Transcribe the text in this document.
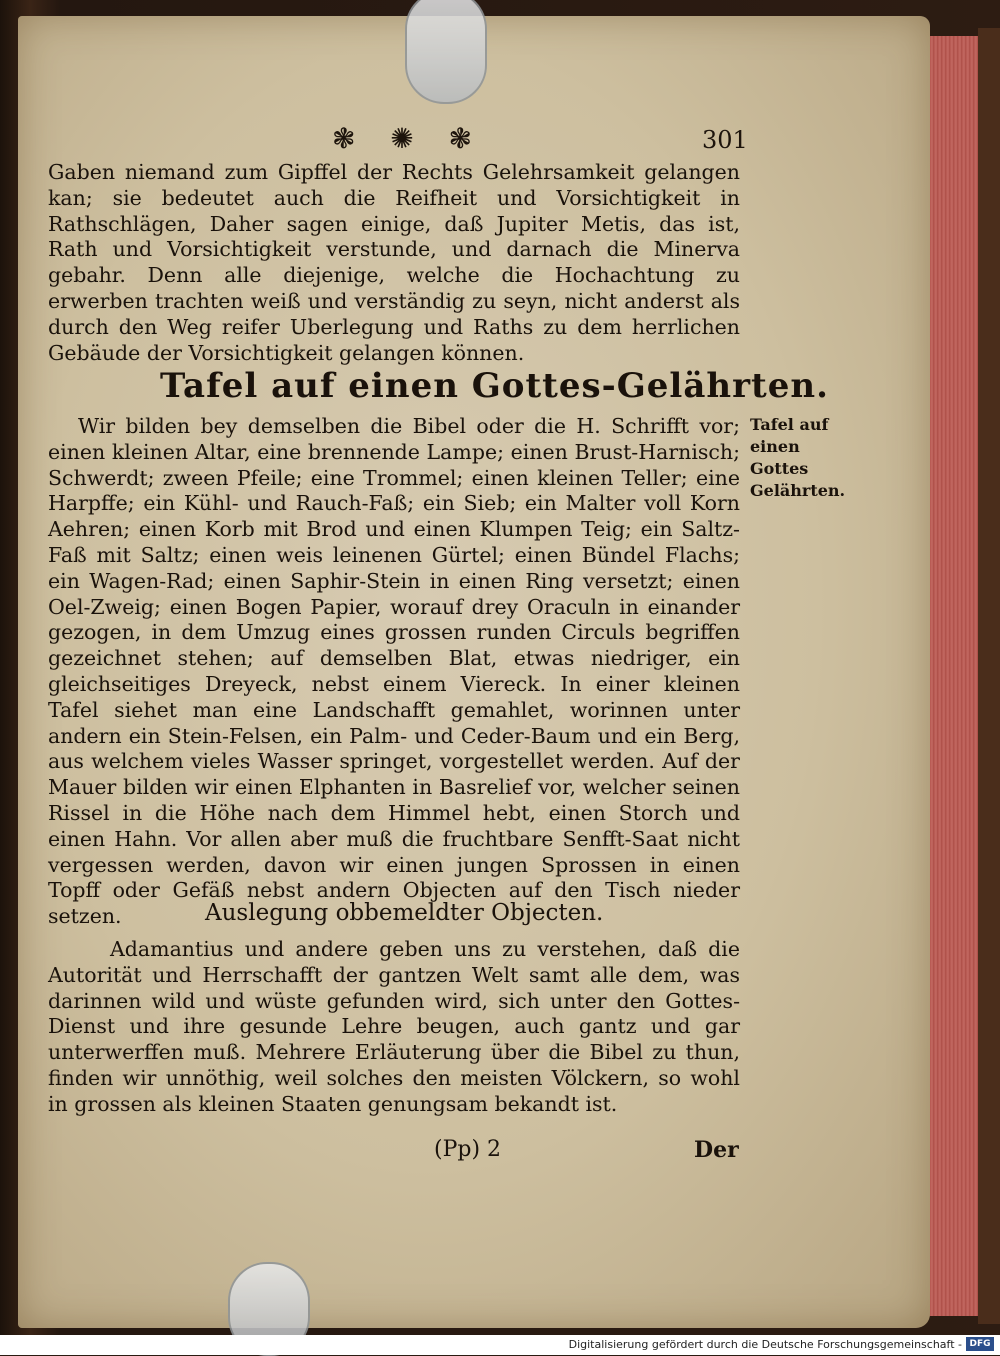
❃ ✺ ❃	301
Gaben niemand zum Gipffel der Rechts Gelehrsamkeit gelangen kan; sie bedeutet auch die Reifheit und Vorsichtigkeit in Rathschlägen, Daher sagen einige, daß Jupiter Metis, das ist, Rath und Vorsichtigkeit verstunde, und darnach die Minerva gebahr. Denn alle diejenige, welche die Hochachtung zu erwerben trachten weiß und verständig zu seyn, nicht anderst als durch den Weg reifer Uberlegung und Raths zu dem herrlichen Gebäude der Vorsichtigkeit gelangen können.
Tafel auf einen Gottes-Gelährten.
Wir bilden bey demselben die Bibel oder die H. Schrifft vor; einen kleinen Altar, eine brennende Lampe; einen Brust-Harnisch; Schwerdt; zween Pfeile; eine Trommel; einen kleinen Teller; eine Harpffe; ein Kühl- und Rauch-Faß; ein Sieb; ein Malter voll Korn Aehren; einen Korb mit Brod und einen Klumpen Teig; ein Saltz-Faß mit Saltz; einen weis leinenen Gürtel; einen Bündel Flachs; ein Wagen-Rad; einen Saphir-Stein in einen Ring versetzt; einen Oel-Zweig; einen Bogen Papier, worauf drey Oraculn in einander gezogen, in dem Umzug eines grossen runden Circuls begriffen gezeichnet stehen; auf demselben Blat, etwas niedriger, ein gleichseitiges Dreyeck, nebst einem Viereck. In einer kleinen Tafel siehet man eine Landschafft gemahlet, worinnen unter andern ein Stein-Felsen, ein Palm- und Ceder-Baum und ein Berg, aus welchem vieles Wasser springet, vorgestellet werden. Auf der Mauer bilden wir einen Elphanten in Basrelief vor, welcher seinen Rissel in die Höhe nach dem Himmel hebt, einen Storch und einen Hahn. Vor allen aber muß die fruchtbare Senfft-Saat nicht vergessen werden, davon wir einen jungen Sprossen in einen Topff oder Gefäß nebst andern Objecten auf den Tisch nieder setzen.
Tafel auf einen Gottes Gelährten.
Auslegung obbemeldter Objecten.
Adamantius und andere geben uns zu verstehen, daß die Autorität und Herrschafft der gantzen Welt samt alle dem, was darinnen wild und wüste gefunden wird, sich unter den Gottes-Dienst und ihre gesunde Lehre beugen, auch gantz und gar unterwerffen muß. Mehrere Erläuterung über die Bibel zu thun, finden wir unnöthig, weil solches den meisten Völckern, so wohl in grossen als kleinen Staaten genungsam bekandt ist.
(Pp) 2	Der
Digitalisierung gefördert durch die Deutsche Forschungsgemeinschaft - DFG
